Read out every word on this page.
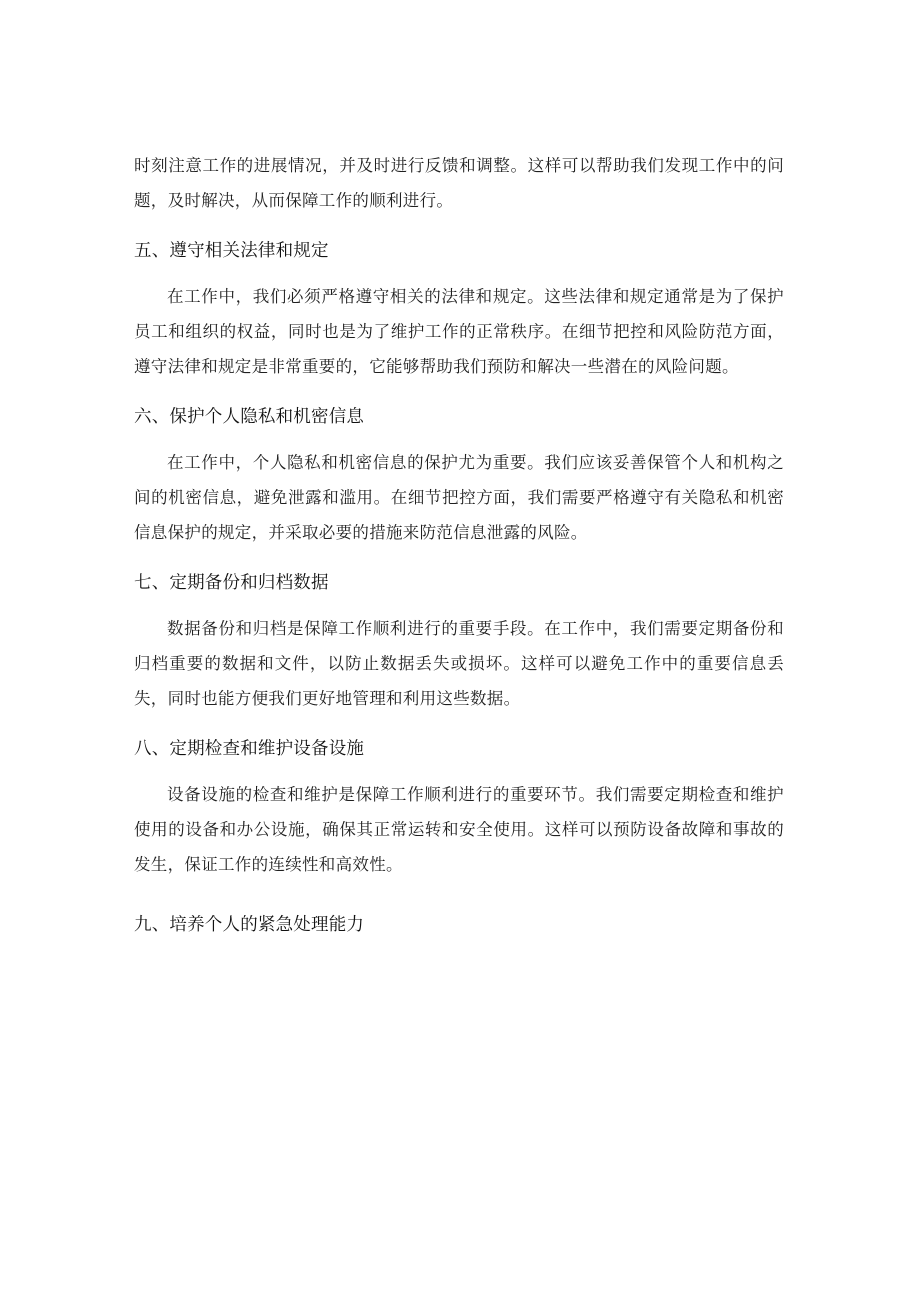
时刻注意工作的进展情况，并及时进行反馈和调整。这样可以帮助我们发现工作中的问题，及时解决，从而保障工作的顺利进行。

五、遵守相关法律和规定

在工作中，我们必须严格遵守相关的法律和规定。这些法律和规定通常是为了保护员工和组织的权益，同时也是为了维护工作的正常秩序。在细节把控和风险防范方面，遵守法律和规定是非常重要的，它能够帮助我们预防和解决一些潜在的风险问题。

六、保护个人隐私和机密信息

在工作中，个人隐私和机密信息的保护尤为重要。我们应该妥善保管个人和机构之间的机密信息，避免泄露和滥用。在细节把控方面，我们需要严格遵守有关隐私和机密信息保护的规定，并采取必要的措施来防范信息泄露的风险。

七、定期备份和归档数据

数据备份和归档是保障工作顺利进行的重要手段。在工作中，我们需要定期备份和归档重要的数据和文件，以防止数据丢失或损坏。这样可以避免工作中的重要信息丢失，同时也能方便我们更好地管理和利用这些数据。

八、定期检查和维护设备设施

设备设施的检查和维护是保障工作顺利进行的重要环节。我们需要定期检查和维护使用的设备和办公设施，确保其正常运转和安全使用。这样可以预防设备故障和事故的发生，保证工作的连续性和高效性。

九、培养个人的紧急处理能力
